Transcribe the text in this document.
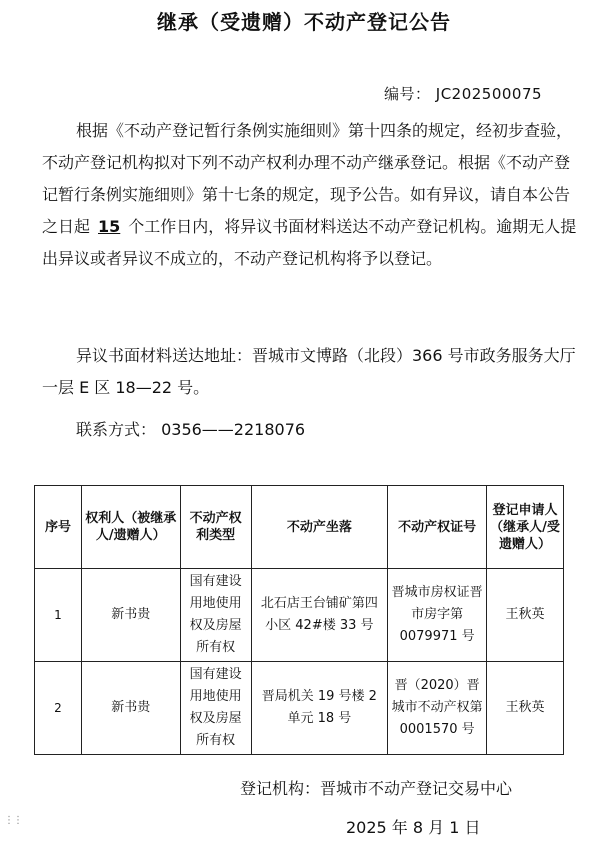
继承（受遗赠）不动产登记公告
编号： JC202500075
根据《不动产登记暂行条例实施细则》第十四条的规定，经初步查验，不动产登记机构拟对下列不动产权利办理不动产继承登记。根据《不动产登记暂行条例实施细则》第十七条的规定，现予公告。如有异议，请自本公告之日起 15 个工作日内，将异议书面材料送达不动产登记机构。逾期无人提出异议或者异议不成立的，不动产登记机构将予以登记。
异议书面材料送达地址：晋城市文博路（北段）366 号市政务服务大厅一层 E 区 18—22 号。
联系方式： 0356——2218076
序号	权利人（被继承人/遗赠人）	不动产权利类型	不动产坐落	不动产权证号	登记申请人（继承人/受遗赠人）
1	新书贵	国有建设用地使用权及房屋所有权	北石店王台铺矿第四小区 42#楼 33 号	晋城市房权证晋市房字第 0079971 号	王秋英
2	新书贵	国有建设用地使用权及房屋所有权	晋局机关 19 号楼 2 单元 18 号	晋（2020）晋城市不动产权第 0001570 号	王秋英
登记机构：晋城市不动产登记交易中心
⋮⋮	2025 年 8 月 1 日
